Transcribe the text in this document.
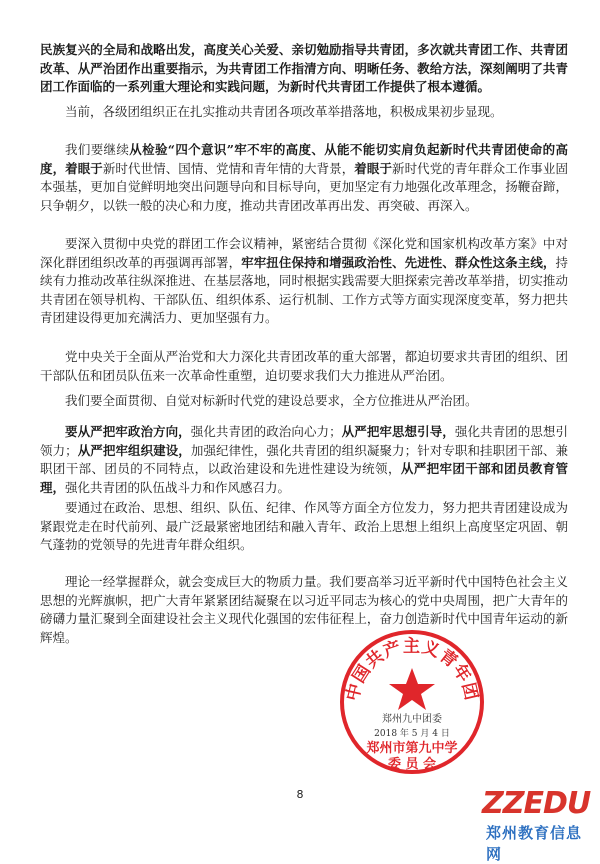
民族复兴的全局和战略出发，高度关心关爱、亲切勉励指导共青团，多次就共青团工作、共青团改革、从严治团作出重要指示，为共青团工作指清方向、明晰任务、教给方法，深刻阐明了共青团工作面临的一系列重大理论和实践问题，为新时代共青团工作提供了根本遵循。

当前，各级团组织正在扎实推动共青团各项改革举措落地，积极成果初步显现。

我们要继续从检验“四个意识”牢不牢的高度、从能不能切实肩负起新时代共青团使命的高度，着眼于新时代世情、国情、党情和青年情的大背景，着眼于新时代党的青年群众工作事业固本强基，更加自觉鲜明地突出问题导向和目标导向，更加坚定有力地强化改革理念，扬鞭奋蹄，只争朝夕，以铁一般的决心和力度，推动共青团改革再出发、再突破、再深入。

要深入贯彻中央党的群团工作会议精神，紧密结合贯彻《深化党和国家机构改革方案》中对深化群团组织改革的再强调再部署，牢牢扭住保持和增强政治性、先进性、群众性这条主线，持续有力推动改革往纵深推进、在基层落地，同时根据实践需要大胆探索完善改革举措，切实推动共青团在领导机构、干部队伍、组织体系、运行机制、工作方式等方面实现深度变革，努力把共青团建设得更加充满活力、更加坚强有力。

党中央关于全面从严治党和大力深化共青团改革的重大部署，都迫切要求共青团的组织、团干部队伍和团员队伍来一次革命性重塑，迫切要求我们大力推进从严治团。

我们要全面贯彻、自觉对标新时代党的建设总要求，全方位推进从严治团。

要从严把牢政治方向，强化共青团的政治向心力；从严把牢思想引导，强化共青团的思想引领力；从严把牢组织建设，加强纪律性，强化共青团的组织凝聚力；针对专职和挂职团干部、兼职团干部、团员的不同特点，以政治建设和先进性建设为统领，从严把牢团干部和团员教育管理，强化共青团的队伍战斗力和作风感召力。

要通过在政治、思想、组织、队伍、纪律、作风等方面全方位发力，努力把共青团建设成为紧跟党走在时代前列、最广泛最紧密地团结和融入青年、政治上思想上组织上高度坚定巩固、朝气蓬勃的党领导的先进青年群众组织。

理论一经掌握群众，就会变成巨大的物质力量。我们要高举习近平新时代中国特色社会主义思想的光辉旗帜，把广大青年紧紧团结凝聚在以习近平同志为核心的党中央周围，把广大青年的磅礴力量汇聚到全面建设社会主义现代化强国的宏伟征程上，奋力创造新时代中国青年运动的新辉煌。

中国共产主义青年团
郑州九中团委
2018 年 5 月 4 日
郑州市第九中学
委 员 会
8	ZZEDU
郑州教育信息网
